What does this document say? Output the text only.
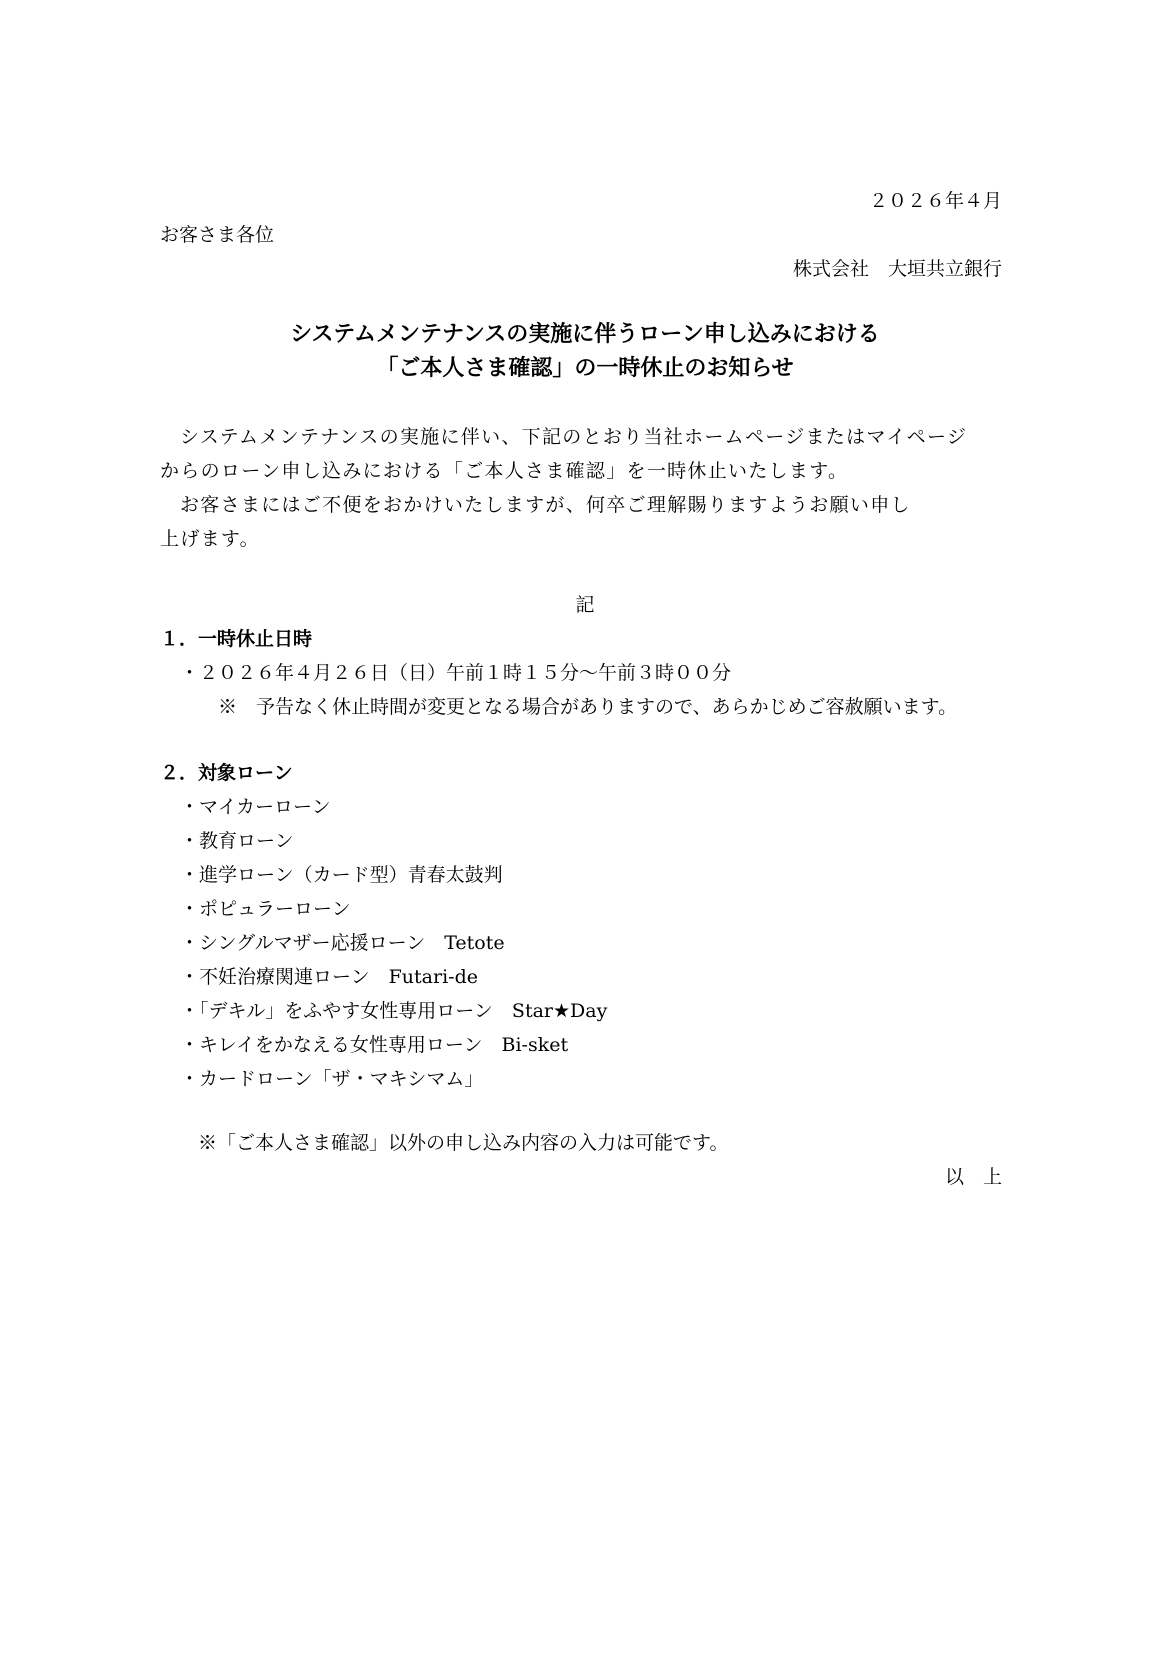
２０２６年４月
お客さま各位
株式会社　大垣共立銀行
システムメンテナンスの実施に伴うローン申し込みにおける
「ご本人さま確認」の一時休止のお知らせ
システムメンテナンスの実施に伴い、下記のとおり当社ホームページまたはマイページ
からのローン申し込みにおける「ご本人さま確認」を一時休止いたします。
お客さまにはご不便をおかけいたしますが、何卒ご理解賜りますようお願い申し
上げます。
記
１．一時休止日時
・２０２６年４月２６日（日）午前１時１５分～午前３時００分
※　予告なく休止時間が変更となる場合がありますので、あらかじめご容赦願います。
２．対象ローン
・マイカーローン
・教育ローン
・進学ローン（カード型）青春太鼓判
・ポピュラーローン
・シングルマザー応援ローン　Tetote
・不妊治療関連ローン　Futari-de
・「デキル」をふやす女性専用ローン　Star★Day
・キレイをかなえる女性専用ローン　Bi-sket
・カードローン「ザ・マキシマム」
※「ご本人さま確認」以外の申し込み内容の入力は可能です。
以　上
